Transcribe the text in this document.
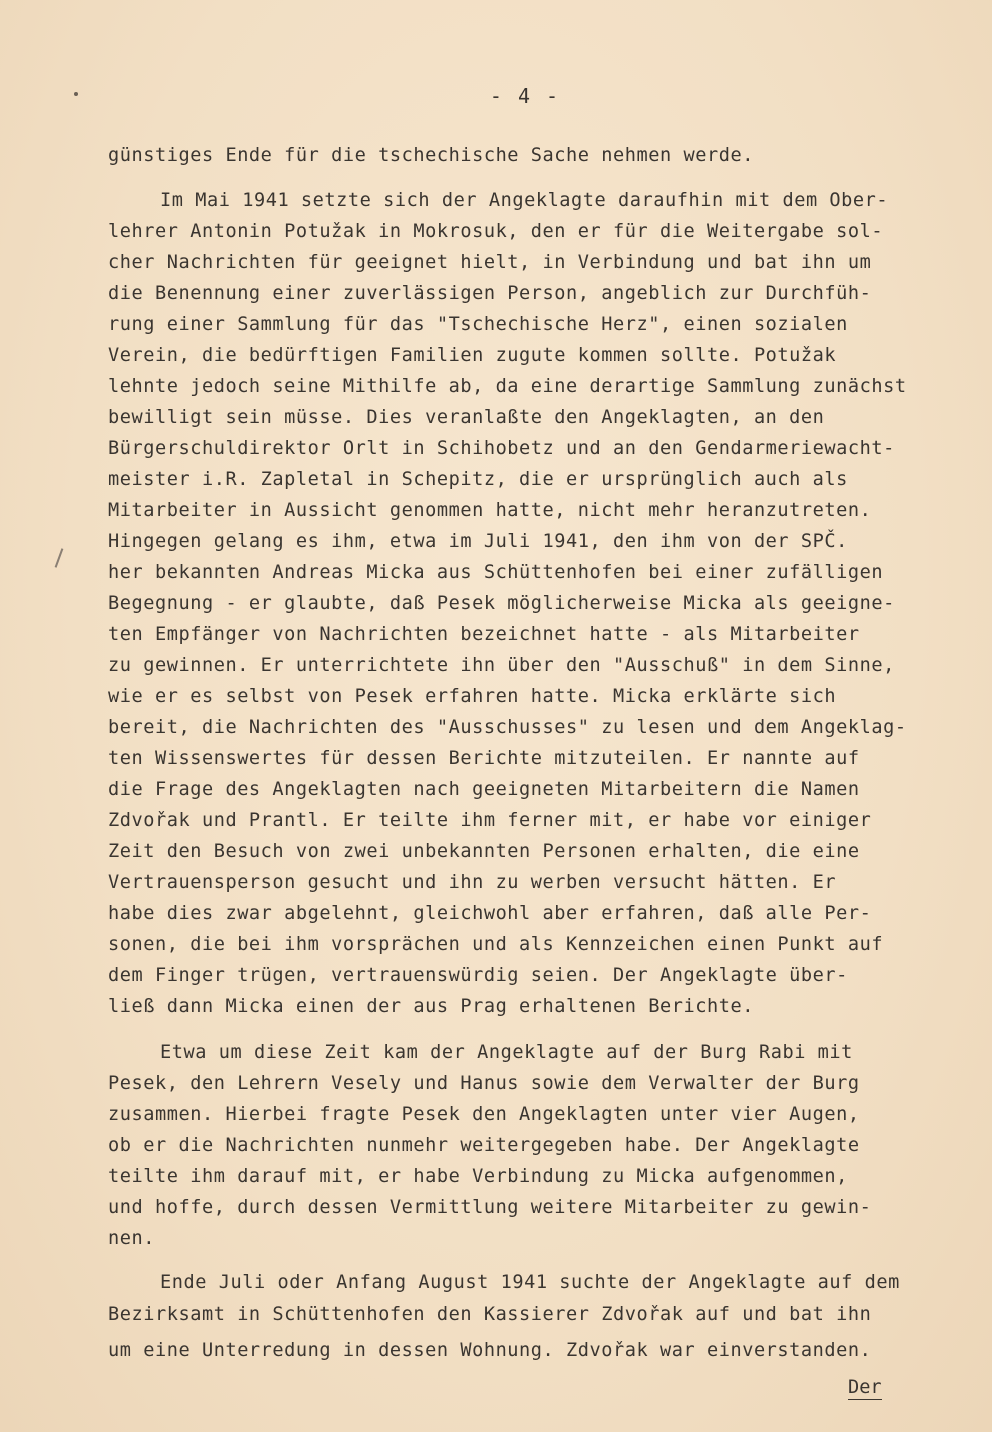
- 4 -
günstiges Ende für die tschechische Sache nehmen werde.
Im Mai 1941 setzte sich der Angeklagte daraufhin mit dem Ober-
lehrer Antonin Potužak in Mokrosuk, den er für die Weitergabe sol-
cher Nachrichten für geeignet hielt, in Verbindung und bat ihn um
die Benennung einer zuverlässigen Person, angeblich zur Durchfüh-
rung einer Sammlung für das "Tschechische Herz", einen sozialen
Verein, die bedürftigen Familien zugute kommen sollte. Potužak
lehnte jedoch seine Mithilfe ab, da eine derartige Sammlung zunächst
bewilligt sein müsse. Dies veranlaßte den Angeklagten, an den
Bürgerschuldirektor Orlt in Schihobetz und an den Gendarmeriewacht-
meister i.R. Zapletal in Schepitz, die er ursprünglich auch als
Mitarbeiter in Aussicht genommen hatte, nicht mehr heranzutreten.
Hingegen gelang es ihm, etwa im Juli 1941, den ihm von der SPČ.
her bekannten Andreas Micka aus Schüttenhofen bei einer zufälligen
Begegnung - er glaubte, daß Pesek möglicherweise Micka als geeigne-
ten Empfänger von Nachrichten bezeichnet hatte - als Mitarbeiter
zu gewinnen. Er unterrichtete ihn über den "Ausschuß" in dem Sinne,
wie er es selbst von Pesek erfahren hatte. Micka erklärte sich
bereit, die Nachrichten des "Ausschusses" zu lesen und dem Angeklag-
ten Wissenswertes für dessen Berichte mitzuteilen. Er nannte auf
die Frage des Angeklagten nach geeigneten Mitarbeitern die Namen
Zdvořak und Prantl. Er teilte ihm ferner mit, er habe vor einiger
Zeit den Besuch von zwei unbekannten Personen erhalten, die eine
Vertrauensperson gesucht und ihn zu werben versucht hätten. Er
habe dies zwar abgelehnt, gleichwohl aber erfahren, daß alle Per-
sonen, die bei ihm vorsprächen und als Kennzeichen einen Punkt auf
dem Finger trügen, vertrauenswürdig seien. Der Angeklagte über-
ließ dann Micka einen der aus Prag erhaltenen Berichte.
Etwa um diese Zeit kam der Angeklagte auf der Burg Rabi mit
Pesek, den Lehrern Vesely und Hanus sowie dem Verwalter der Burg
zusammen. Hierbei fragte Pesek den Angeklagten unter vier Augen,
ob er die Nachrichten nunmehr weitergegeben habe. Der Angeklagte
teilte ihm darauf mit, er habe Verbindung zu Micka aufgenommen,
und hoffe, durch dessen Vermittlung weitere Mitarbeiter zu gewin-
nen.
Ende Juli oder Anfang August 1941 suchte der Angeklagte auf dem
Bezirksamt in Schüttenhofen den Kassierer Zdvořak auf und bat ihn
um eine Unterredung in dessen Wohnung. Zdvořak war einverstanden.
Der
